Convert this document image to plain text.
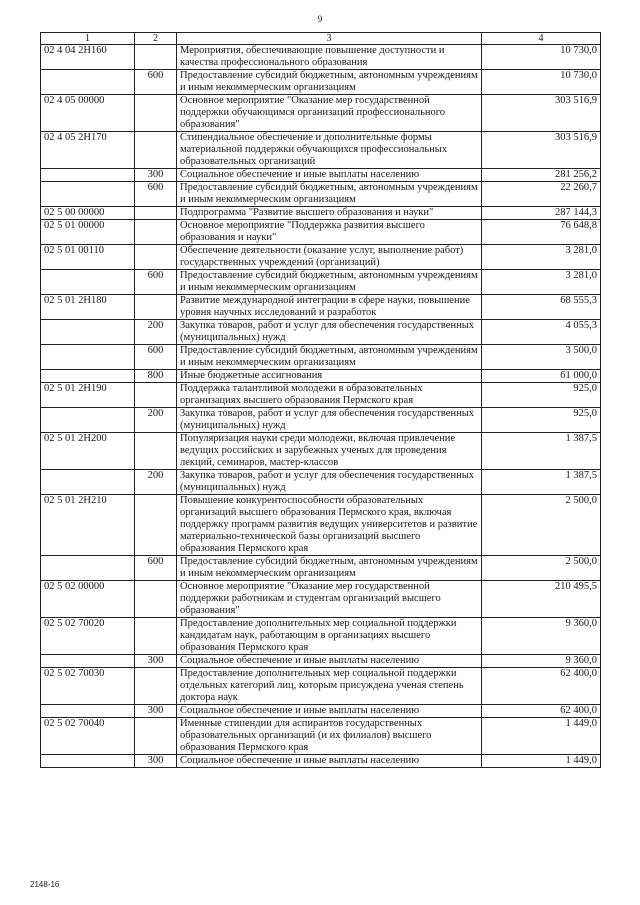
9
1	2	3	4
02 4 04 2Н160		Мероприятия, обеспечивающие повышение доступности и качества профессионального образования	10 730,0
	600	Предоставление субсидий бюджетным, автономным учреждениям и иным некоммерческим организациям	10 730,0
02 4 05 00000		Основное мероприятие "Оказание мер государственной поддержки обучающимся организаций профессионального образования"	303 516,9
02 4 05 2Н170		Стипендиальное обеспечение и дополнительные формы материальной поддержки обучающихся профессиональных образовательных организаций	303 516,9
	300	Социальное обеспечение и иные выплаты населению	281 256,2
	600	Предоставление субсидий бюджетным, автономным учреждениям и иным некоммерческим организациям	22 260,7
02 5 00 00000		Подпрограмма "Развитие высшего образования и науки"	287 144,3
02 5 01 00000		Основное мероприятие "Поддержка развития высшего образования и науки"	76 648,8
02 5 01 00110		Обеспечение деятельности (оказание услуг, выполнение работ) государственных учреждений (организаций)	3 281,0
	600	Предоставление субсидий бюджетным, автономным учреждениям и иным некоммерческим организациям	3 281,0
02 5 01 2Н180		Развитие международной интеграции в сфере науки, повышение уровня научных исследований и разработок	68 555,3
	200	Закупка товаров, работ и услуг для обеспечения государственных (муниципальных) нужд	4 055,3
	600	Предоставление субсидий бюджетным, автономным учреждениям и иным некоммерческим организациям	3 500,0
	800	Иные бюджетные ассигнования	61 000,0
02 5 01 2Н190		Поддержка талантливой молодежи в образовательных организациях высшего образования Пермского края	925,0
	200	Закупка товаров, работ и услуг для обеспечения государственных (муниципальных) нужд	925,0
02 5 01 2Н200		Популяризация науки среди молодежи, включая привлечение ведущих российских и зарубежных ученых для проведения лекций, семинаров, мастер-классов	1 387,5
	200	Закупка товаров, работ и услуг для обеспечения государственных (муниципальных) нужд	1 387,5
02 5 01 2Н210		Повышение конкурентоспособности образовательных организаций высшего образования Пермского края, включая поддержку программ развития ведущих университетов и развитие материально-технической базы организаций высшего образования Пермского края	2 500,0
	600	Предоставление субсидий бюджетным, автономным учреждениям и иным некоммерческим организациям	2 500,0
02 5 02 00000		Основное мероприятие "Оказание мер государственной поддержки работникам и студентам организаций высшего образования"	210 495,5
02 5 02 70020		Предоставление дополнительных мер социальной поддержки кандидатам наук, работающим в организациях высшего образования Пермского края	9 360,0
	300	Социальное обеспечение и иные выплаты населению	9 360,0
02 5 02 70030		Предоставление дополнительных мер социальной поддержки отдельных категорий лиц, которым присуждена ученая степень доктора наук	62 400,0
	300	Социальное обеспечение и иные выплаты населению	62 400,0
02 5 02 70040		Именные стипендии для аспирантов государственных образовательных организаций (и их филиалов) высшего образования Пермского края	1 449,0
	300	Социальное обеспечение и иные выплаты населению	1 449,0
2148-16
